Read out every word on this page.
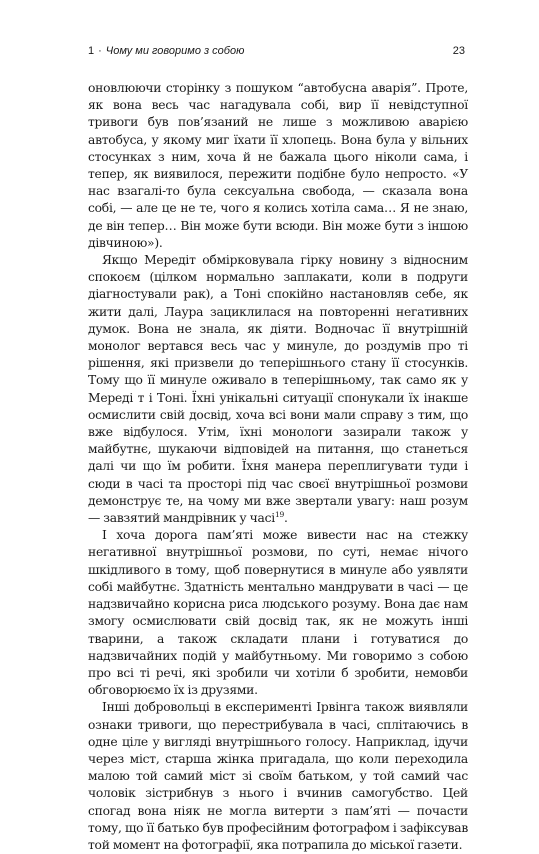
1 · Чому ми говоримо з собою	23

оновлюючи сторінку з пошуком “автобусна аварія”. Проте, як вона весь час нагадувала собі, вир її невідступної тривоги був пов’язаний не лише з можливою аварією автобуса, у якому миг їхати її хлопець. Вона була у вільних стосунках з ним, хоча й не бажала цього ніколи сама, і тепер, як виявилося, пережити подібне було непросто. «У нас взагалі-то була сексуальна свобода, — сказала вона собі, — але це не те, чого я колись хотіла сама… Я не знаю, де він тепер… Він може бути всюди. Він може бути з іншою дівчиною»).

Якщо Мередіт обмірковувала гірку новину з відносним спокоєм (цілком нормально заплакати, коли в подруги діагностували рак), а Тоні спокійно настановляв себе, як жити далі, Лаура зациклилася на повторенні негативних думок. Вона не знала, як діяти. Водночас її внутрішній монолог вертався весь час у минуле, до роздумів про ті рішення, які призвели до теперішнього стану її стосунків. Тому що її минуле оживало в теперішньому, так само як у Мереді т і Тоні. Їхні унікальні ситуації спонукали їх інакше осмислити свій досвід, хоча всі вони мали справу з тим, що вже відбулося. Утім, їхні монологи зазирали також у майбутнє, шукаючи відповідей на питання, що станеться далі чи що їм робити. Їхня манера переплигувати туди і сюди в часі та просторі під час своєї внутрішньої розмови демонструє те, на чому ми вже звертали увагу: наш розум — завзятий мандрівник у часі$^{19}$.

І хоча дорога пам’яті може вивести нас на стежку негативної внутрішньої розмови, по суті, немає нічого шкідливого в тому, щоб повернутися в минуле або уявляти собі майбутнє. Здатність ментально мандрувати в часі — це надзвичайно корисна риса людського розуму. Вона дає нам змогу осмислювати свій досвід так, як не можуть інші тварини, а також складати плани і готуватися до надзвичайних подій у майбутньому. Ми говоримо з собою про всі ті речі, які зробили чи хотіли б зробити, немовби обговорюємо їх із друзями.

Інші добровольці в експерименті Ірвінга також виявляли ознаки тривоги, що перестрибувала в часі, сплітаючись в одне ціле у вигляді внутрішнього голосу. Наприклад, ідучи через міст, старша жінка пригадала, що коли переходила малою той самий міст зі своїм батьком, у той самий час чоловік зістрибнув з нього і вчинив самогубство. Цей спогад вона ніяк не могла витерти з пам’яті — почасти тому, що її батько був професійним фотографом і зафіксував той момент на фотографії, яка потрапила до міської газети.
